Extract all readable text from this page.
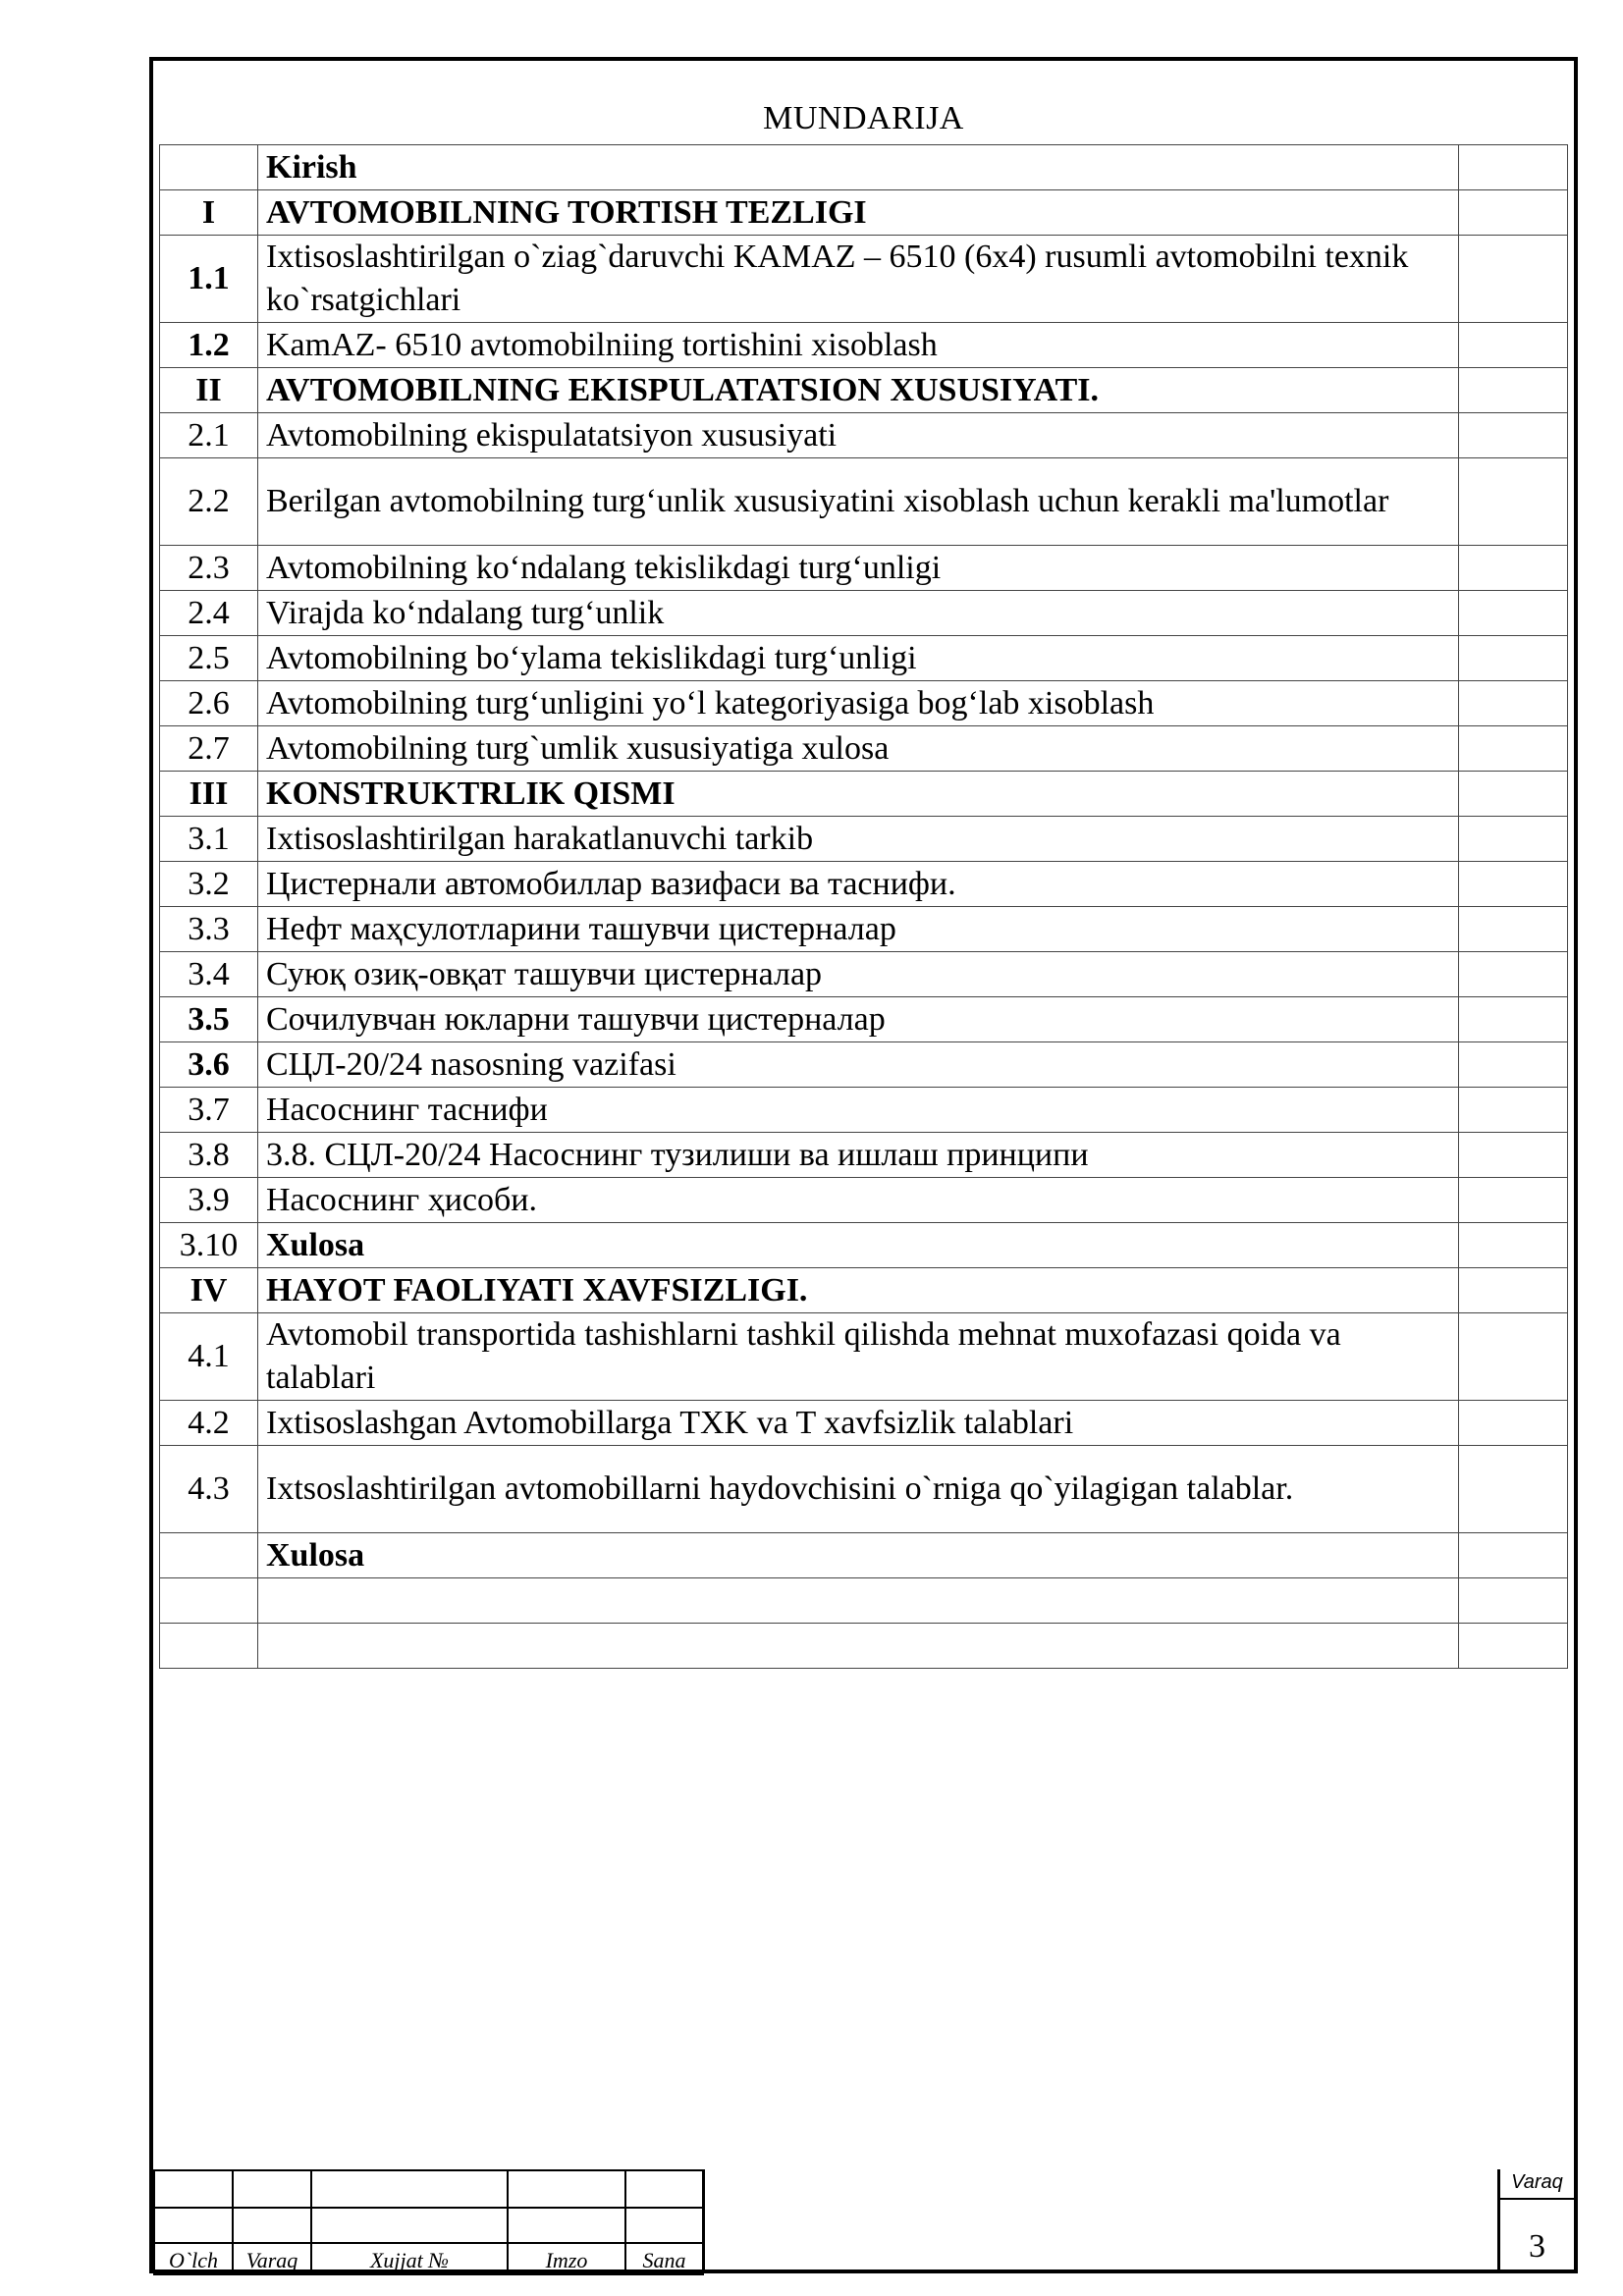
MUNDARIJA
	Kirish	
I	AVTOMOBILNING TORTISH TEZLIGI	
1.1	Ixtisoslashtirilgan o`ziag`daruvchi KAMAZ – 6510 (6x4) rusumli avtomobilni texnik ko`rsatgichlari	
1.2	KamAZ- 6510 avtomobilniing tortishini xisoblash	
II	AVTOMOBILNING EKISPULATATSION XUSUSIYATI.	
2.1	Avtomobilning ekispulatatsiyon xususiyati	
2.2	Berilgan avtomobilning turg‘unlik xususiyatini xisoblash uchun kerakli ma'lumotlar	
2.3	Avtomobilning ko‘ndalang tekislikdagi turg‘unligi	
2.4	Virajda ko‘ndalang turg‘unlik	
2.5	Avtomobilning bo‘ylama tekislikdagi turg‘unligi	
2.6	Avtomobilning turg‘unligini yo‘l kategoriyasiga bog‘lab xisoblash	
2.7	Avtomobilning turg`umlik xususiyatiga xulosa	
III	KONSTRUKTRLIK QISMI	
3.1	Ixtisoslashtirilgan harakatlanuvchi tarkib	
3.2	Цистернали автомобиллар вазифаси ва таснифи.	
3.3	Нефт маҳсулотларини ташувчи цистерналар	
3.4	Суюқ озиқ-овқат ташувчи цистерналар	
3.5	Сочилувчан юкларни ташувчи цистерналар	
3.6	СЦЛ-20/24 nasosning vazifasi	
3.7	Насоснинг таснифи	
3.8	3.8. СЦЛ-20/24 Насоснинг тузилиши ва ишлаш принципи	
3.9	Насоснинг ҳисоби.	
3.10	Xulosa	
IV	HAYOT FAOLIYATI XAVFSIZLIGI.	
4.1	Avtomobil transportida tashishlarni tashkil qilishda mehnat muxofazasi qoida va talablari	
4.2	Ixtisoslashgan Avtomobillarga TXK va T xavfsizlik talablari	
4.3	Ixtsoslashtirilgan avtomobillarni haydovchisini o`rniga qo`yilagigan talablar.	
	Xulosa	

O`lch	Varaq	Xujjat №	Imzo	Sana
Varaq
3
